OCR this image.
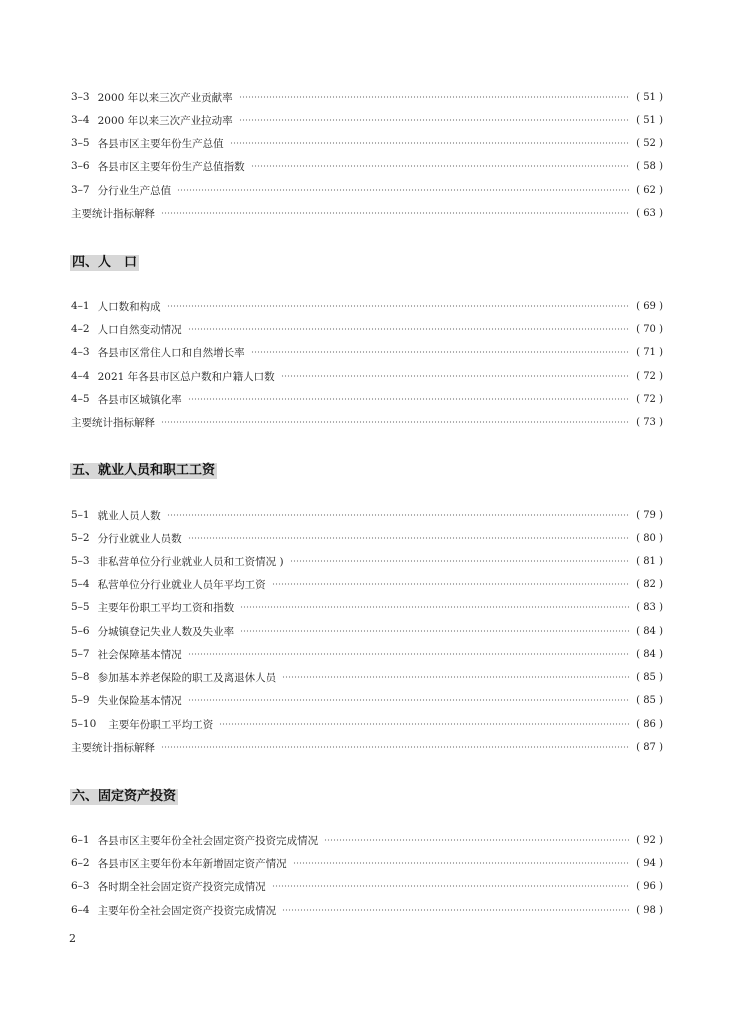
3–3 2000 年以来三次产业贡献率	( 51 )
3–4 2000 年以来三次产业拉动率	( 51 )
3–5 各县市区主要年份生产总值	( 52 )
3–6 各县市区主要年份生产总值指数	( 58 )
3–7 分行业生产总值	( 62 )
主要统计指标解释	( 63 )
四、人　口
4–1 人口数和构成	( 69 )
4–2 人口自然变动情况	( 70 )
4–3 各县市区常住人口和自然增长率	( 71 )
4–4 2021 年各县市区总户数和户籍人口数	( 72 )
4–5 各县市区城镇化率	( 72 )
主要统计指标解释	( 73 )
五、就业人员和职工工资
5–1 就业人员人数	( 79 )
5–2 分行业就业人员数	( 80 )
5–3 非私营单位分行业就业人员和工资情况 )	( 81 )
5–4 私营单位分行业就业人员年平均工资	( 82 )
5–5 主要年份职工平均工资和指数	( 83 )
5–6 分城镇登记失业人数及失业率	( 84 )
5–7 社会保障基本情况	( 84 )
5–8 参加基本养老保险的职工及离退休人员	( 85 )
5–9 失业保险基本情况	( 85 )
5–10 主要年份职工平均工资	( 86 )
主要统计指标解释	( 87 )
六、固定资产投资
6–1 各县市区主要年份全社会固定资产投资完成情况	( 92 )
6–2 各县市区主要年份本年新增固定资产情况	( 94 )
6–3 各时期全社会固定资产投资完成情况	( 96 )
6–4 主要年份全社会固定资产投资完成情况	( 98 )
2
